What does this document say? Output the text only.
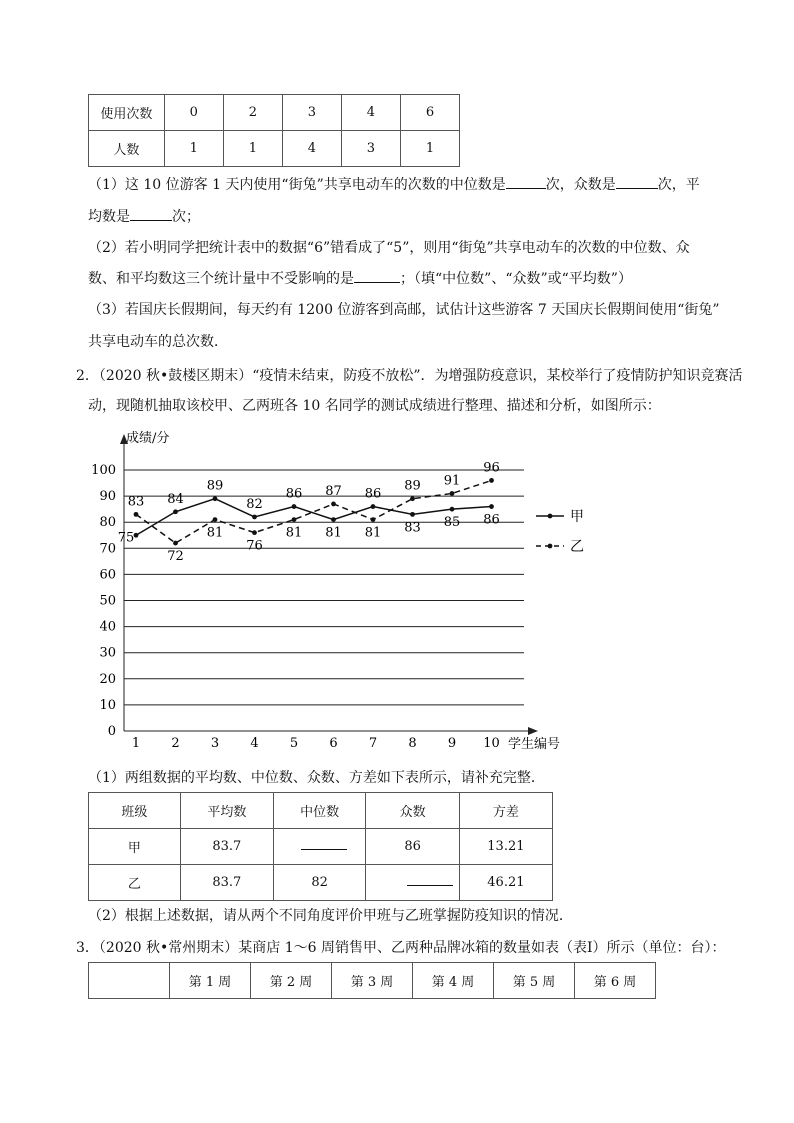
使用次数	0	2	3	4	6
人数	1	1	4	3	1
（1）这 10 位游客 1 天内使用“街兔”共享电动车的次数的中位数是	次，众数是	次，平
均数是	次；
（2）若小明同学把统计表中的数据“6”错看成了“5”，则用“街兔”共享电动车的次数的中位数、众
数、和平均数这三个统计量中不受影响的是	；（填“中位数”、“众数”或“平均数”）
（3）若国庆长假期间，每天约有 1200 位游客到高邮，试估计这些游客 7 天国庆长假期间使用“街兔”
共享电动车的总次数．
2．（2020 秋•鼓楼区期末）“疫情未结束，防疫不放松”．为增强防疫意识，某校举行了疫情防护知识竞赛活
动，现随机抽取该校甲、乙两班各 10 名同学的测试成绩进行整理、描述和分析，如图所示：
0
10
20
30
40
50
60
70
80
90
100
1 2 3 4 5 6 7 8 9 10
75
84
89
82
86
81
86
83 85 86
83
72
81
76
81
87
81
89 91
96
成绩/分
学生编号
甲
乙
（1）两组数据的平均数、中位数、众数、方差如下表所示，请补充完整．
班级	平均数	中位数	众数	方差
甲	83.7		86	13.21
乙	83.7	82		46.21
（2）根据上述数据，请从两个不同角度评价甲班与乙班掌握防疫知识的情况．
3．（2020 秋•常州期末）某商店 1～6 周销售甲、乙两种品牌冰箱的数量如表（表Ⅰ）所示（单位：台）：
	第 1 周	第 2 周	第 3 周	第 4 周	第 5 周	第 6 周
